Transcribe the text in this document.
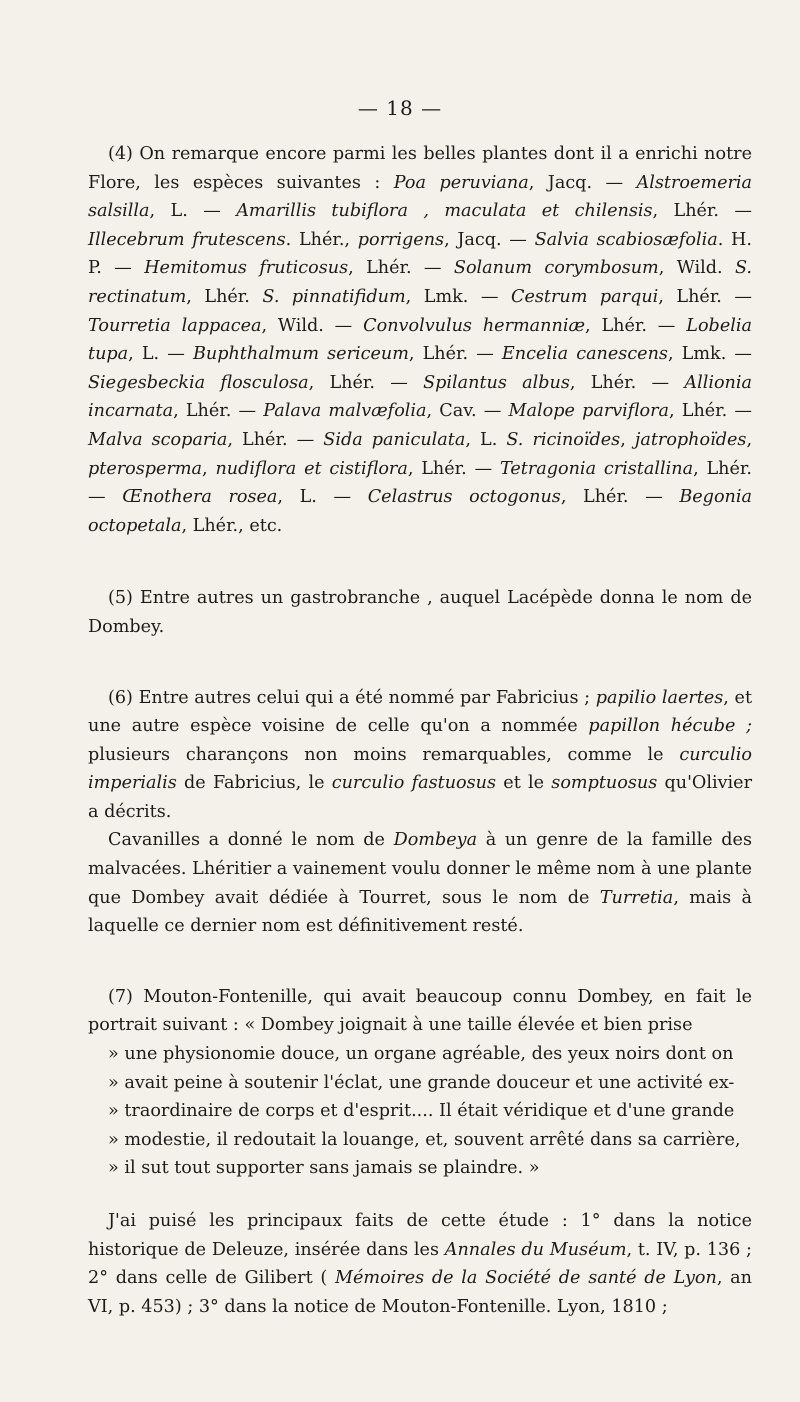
— 18 —

(4) On remarque encore parmi les belles plantes dont il a enrichi notre Flore, les espèces suivantes : Poa peruviana, Jacq. — Alstroemeria salsilla, L. — Amarillis tubiflora , maculata et chilensis, Lhér. — Illecebrum frutescens. Lhér., porrigens, Jacq. — Salvia scabiosæfolia. H. P. — Hemitomus fruticosus, Lhér. — Solanum corymbosum, Wild. S. rectinatum, Lhér. S. pinnatifidum, Lmk. — Cestrum parqui, Lhér. — Tourretia lappacea, Wild. — Convolvulus hermanniæ, Lhér. — Lobelia tupa, L. — Buphthalmum sericeum, Lhér. — Encelia canescens, Lmk. — Siegesbeckia flosculosa, Lhér. — Spilantus albus, Lhér. — Allionia incarnata, Lhér. — Palava malvæfolia, Cav. — Malope parviflora, Lhér. — Malva scoparia, Lhér. — Sida paniculata, L. S. ricinoïdes, jatrophoïdes, pterosperma, nudiflora et cistiflora, Lhér. — Tetragonia cristallina, Lhér. — Œnothera rosea, L. — Celastrus octogonus, Lhér. — Begonia octopetala, Lhér., etc.

(5) Entre autres un gastrobranche , auquel Lacépède donna le nom de Dombey.

(6) Entre autres celui qui a été nommé par Fabricius ; papilio laertes, et une autre espèce voisine de celle qu'on a nommée papillon hécube ; plusieurs charançons non moins remarquables, comme le curculio imperialis de Fabricius, le curculio fastuosus et le somptuosus qu'Olivier a décrits.

Cavanilles a donné le nom de Dombeya à un genre de la famille des malvacées. Lhéritier a vainement voulu donner le même nom à une plante que Dombey avait dédiée à Tourret, sous le nom de Turretia, mais à laquelle ce dernier nom est définitivement resté.

(7) Mouton-Fontenille, qui avait beaucoup connu Dombey, en fait le portrait suivant : « Dombey joignait à une taille élevée et bien prise
» une physionomie douce, un organe agréable, des yeux noirs dont on
» avait peine à soutenir l'éclat, une grande douceur et une activité ex-
» traordinaire de corps et d'esprit.... Il était véridique et d'une grande
» modestie, il redoutait la louange, et, souvent arrêté dans sa carrière,
» il sut tout supporter sans jamais se plaindre. »

J'ai puisé les principaux faits de cette étude : 1° dans la notice historique de Deleuze, insérée dans les Annales du Muséum, t. IV, p. 136 ; 2° dans celle de Gilibert ( Mémoires de la Société de santé de Lyon, an VI, p. 453) ; 3° dans la notice de Mouton-Fontenille. Lyon, 1810 ;
